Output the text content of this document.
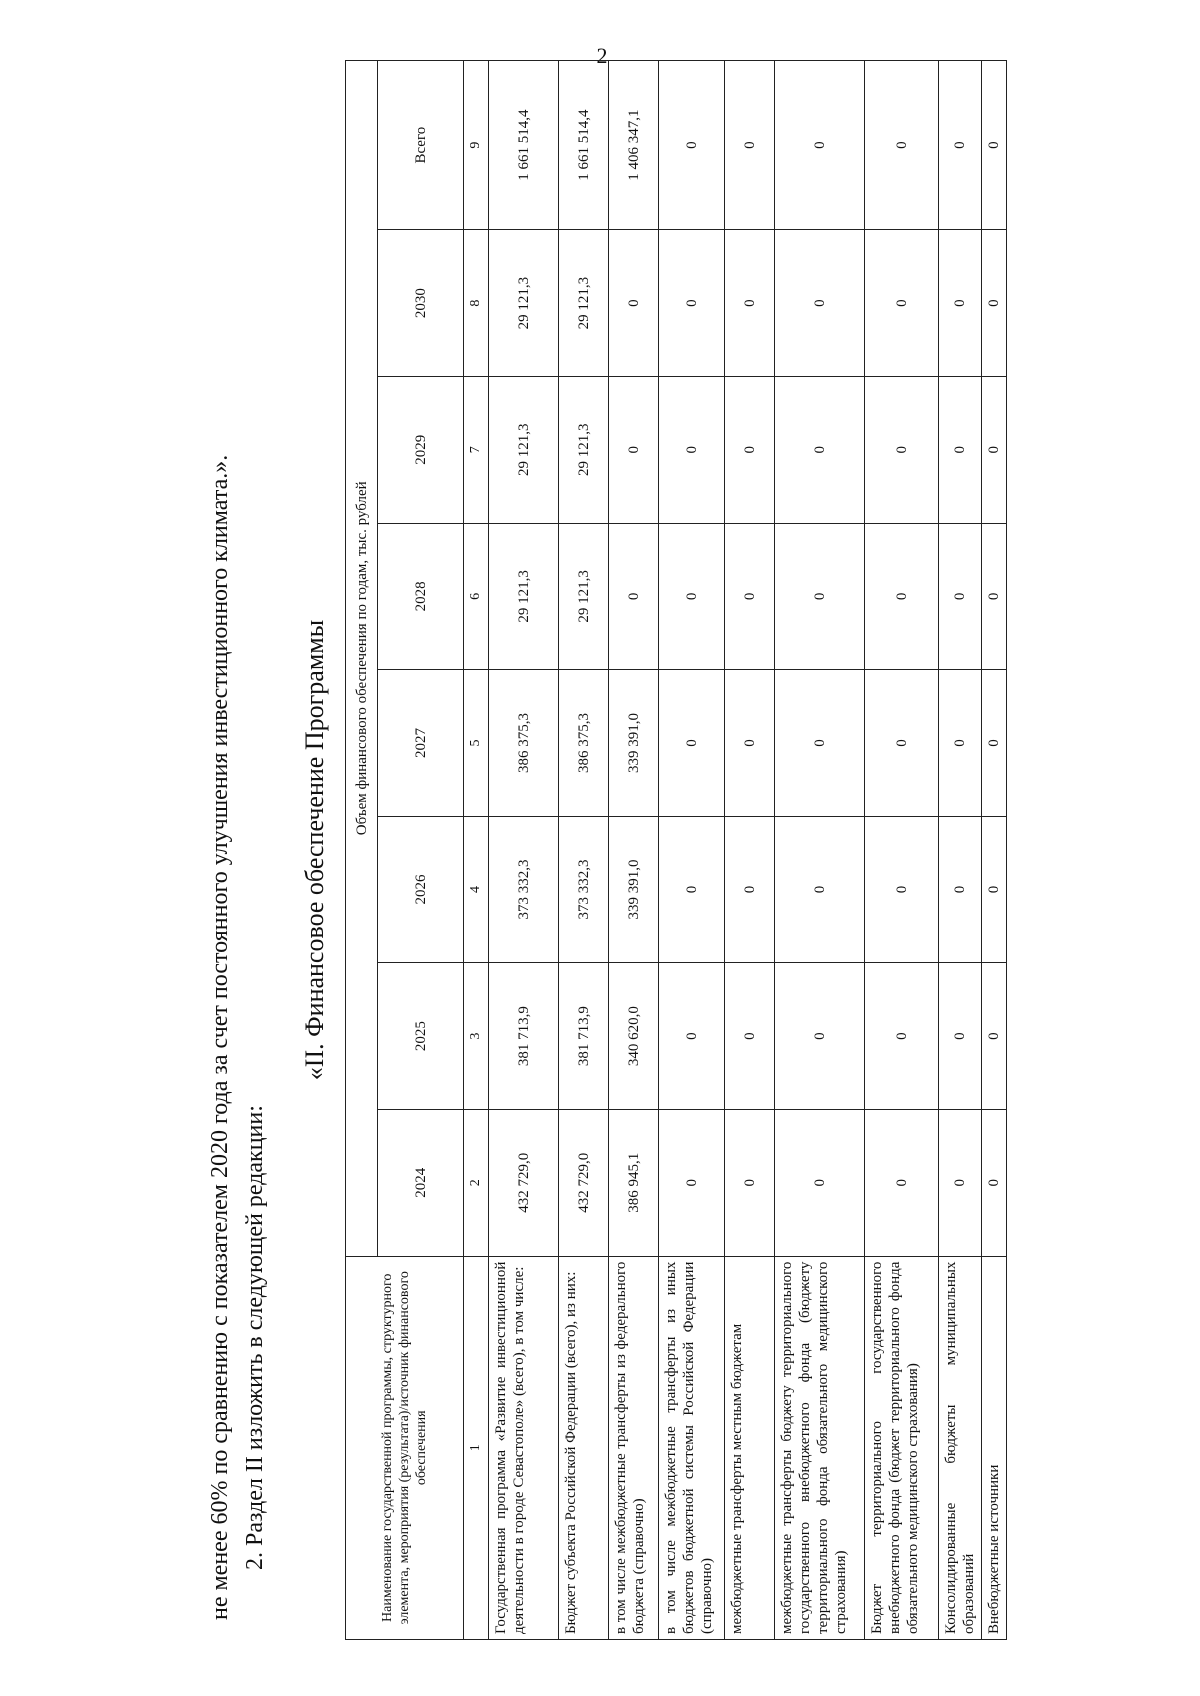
2
не менее 60% по сравнению с показателем 2020 года за счет постоянного улучшения инвестиционного климата.». 2. Раздел II изложить в следующей редакции:
«II. Финансовое обеспечение Программы
Наименование государственной программы, структурного элемента, мероприятия (результата)/источник финансового обеспечения	Объем финансового обеспечения по годам, тыс. рублей							
	2024	2025	2026	2027	2028	2029	2030	Всего
1	2	3	4	5	6	7	8	9
Государственная программа «Развитие инвестиционной деятельности в городе Севастополе» (всего), в том числе:	432 729,0	381 713,9	373 332,3	386 375,3	29 121,3	29 121,3	29 121,3	1 661 514,4
Бюджет субъекта Российской Федерации (всего), из них:	432 729,0	381 713,9	373 332,3	386 375,3	29 121,3	29 121,3	29 121,3	1 661 514,4
в том числе межбюджетные трансферты из федерального бюджета (справочно)	386 945,1	340 620,0	339 391,0	339 391,0	0	0	0	1 406 347,1
в том числе межбюджетные трансферты из иных бюджетов бюджетной системы Российской Федерации (справочно)	0	0	0	0	0	0	0	0
межбюджетные трансферты местным бюджетам	0	0	0	0	0	0	0	0
межбюджетные трансферты бюджету территориального государственного внебюджетного фонда (бюджету территориального фонда обязательного медицинского страхования)	0	0	0	0	0	0	0	0
Бюджет территориального государственного внебюджетного фонда (бюджет территориального фонда обязательного медицинского страхования)	0	0	0	0	0	0	0	0
Консолидированные бюджеты муниципальных образований	0	0	0	0	0	0	0	0
Внебюджетные источники	0	0	0	0	0	0	0	0
